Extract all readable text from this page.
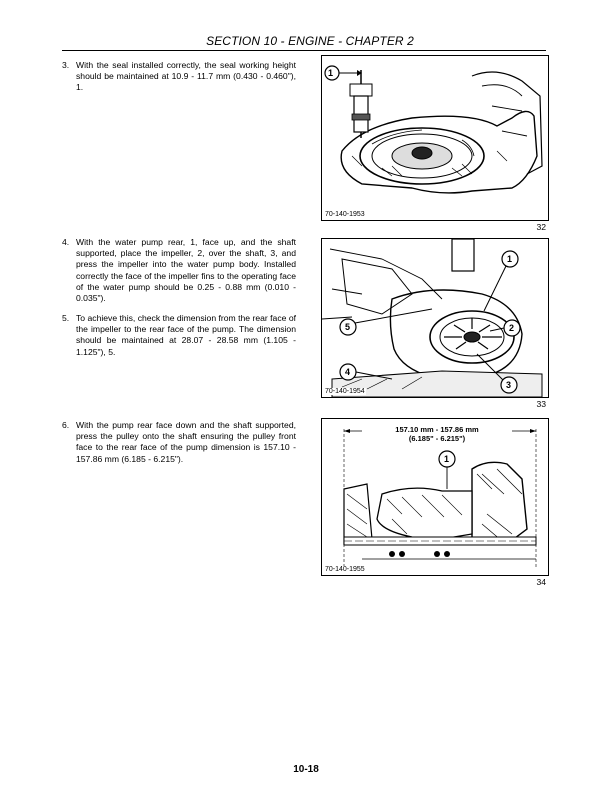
SECTION 10 - ENGINE - CHAPTER 2
3. With the seal installed correctly, the seal working height should be maintained at 10.9 - 11.7 mm (0.430 - 0.460"), 1.
1
70-140-1953
32
4. With the water pump rear, 1, face up, and the shaft supported, place the impeller, 2, over the shaft, 3, and press the impeller into the water pump body. Installed correctly the face of the impeller fins to the operating face of the water pump should be 0.25 - 0.88 mm (0.010 - 0.035").
5. To achieve this, check the dimension from the rear face of the impeller to the rear face of the pump. The dimension should be maintained at 28.07 - 28.58 mm (1.105 - 1.125"), 5.
1
2
3
4
5
70-140-1954
33
6. With the pump rear face down and the shaft supported, press the pulley onto the shaft ensuring the pulley front face to the rear face of the pump dimension is 157.10 - 157.86 mm (6.185 - 6.215").
157.10 mm - 157.86 mm
(6.185" - 6.215")
1
70-140-1955
34
10-18
